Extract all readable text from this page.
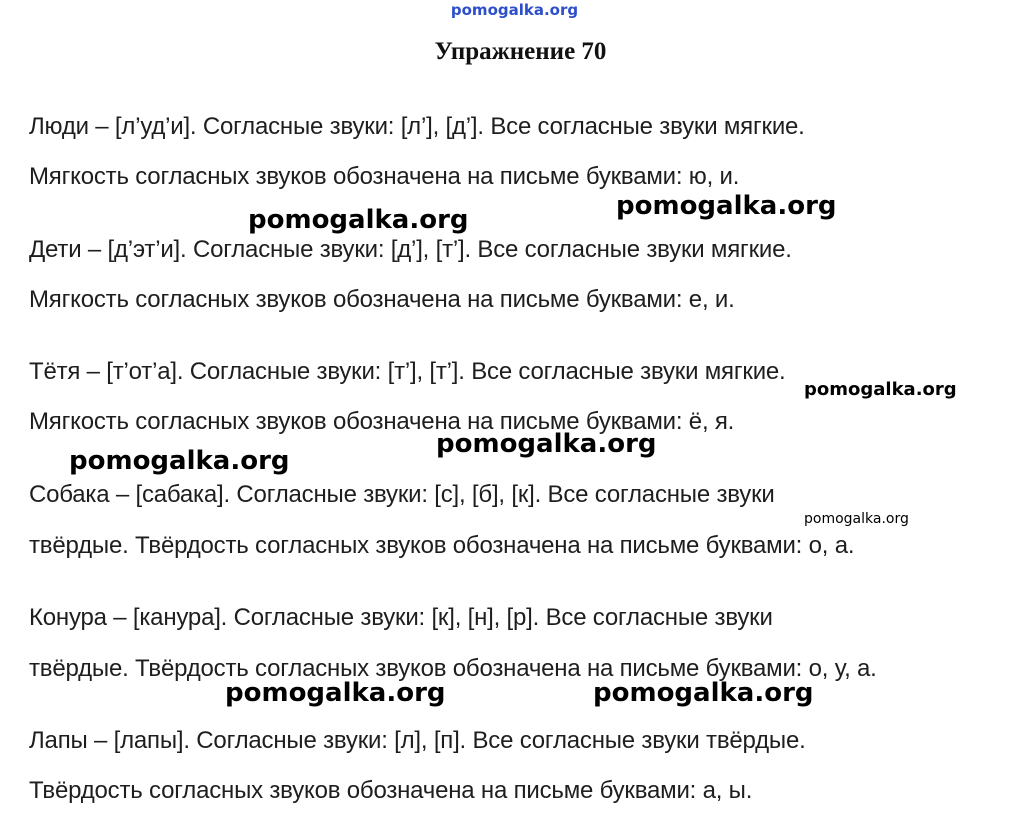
pomogalka.org
Упражнение 70
Люди – [л’уд’и]. Согласные звуки: [л’], [д’]. Все согласные звуки мягкие.
Мягкость согласных звуков обозначена на письме буквами: ю, и.
Дети – [д’эт’и]. Согласные звуки: [д’], [т’]. Все согласные звуки мягкие.
Мягкость согласных звуков обозначена на письме буквами: е, и.
Тётя – [т’от’а]. Согласные звуки: [т’], [т’]. Все согласные звуки мягкие.
Мягкость согласных звуков обозначена на письме буквами: ё, я.
Собака – [сабака]. Согласные звуки: [с], [б], [к]. Все согласные звуки
твёрдые. Твёрдость согласных звуков обозначена на письме буквами: о, а.
Конура – [канура]. Согласные звуки: [к], [н], [р]. Все согласные звуки
твёрдые. Твёрдость согласных звуков обозначена на письме буквами: о, у, а.
Лапы – [лапы]. Согласные звуки: [л], [п]. Все согласные звуки твёрдые.
Твёрдость согласных звуков обозначена на письме буквами: а, ы.
pomogalka.org	pomogalka.org
pomogalka.org
pomogalka.org
pomogalka.org
pomogalka.org
pomogalka.org	pomogalka.org
